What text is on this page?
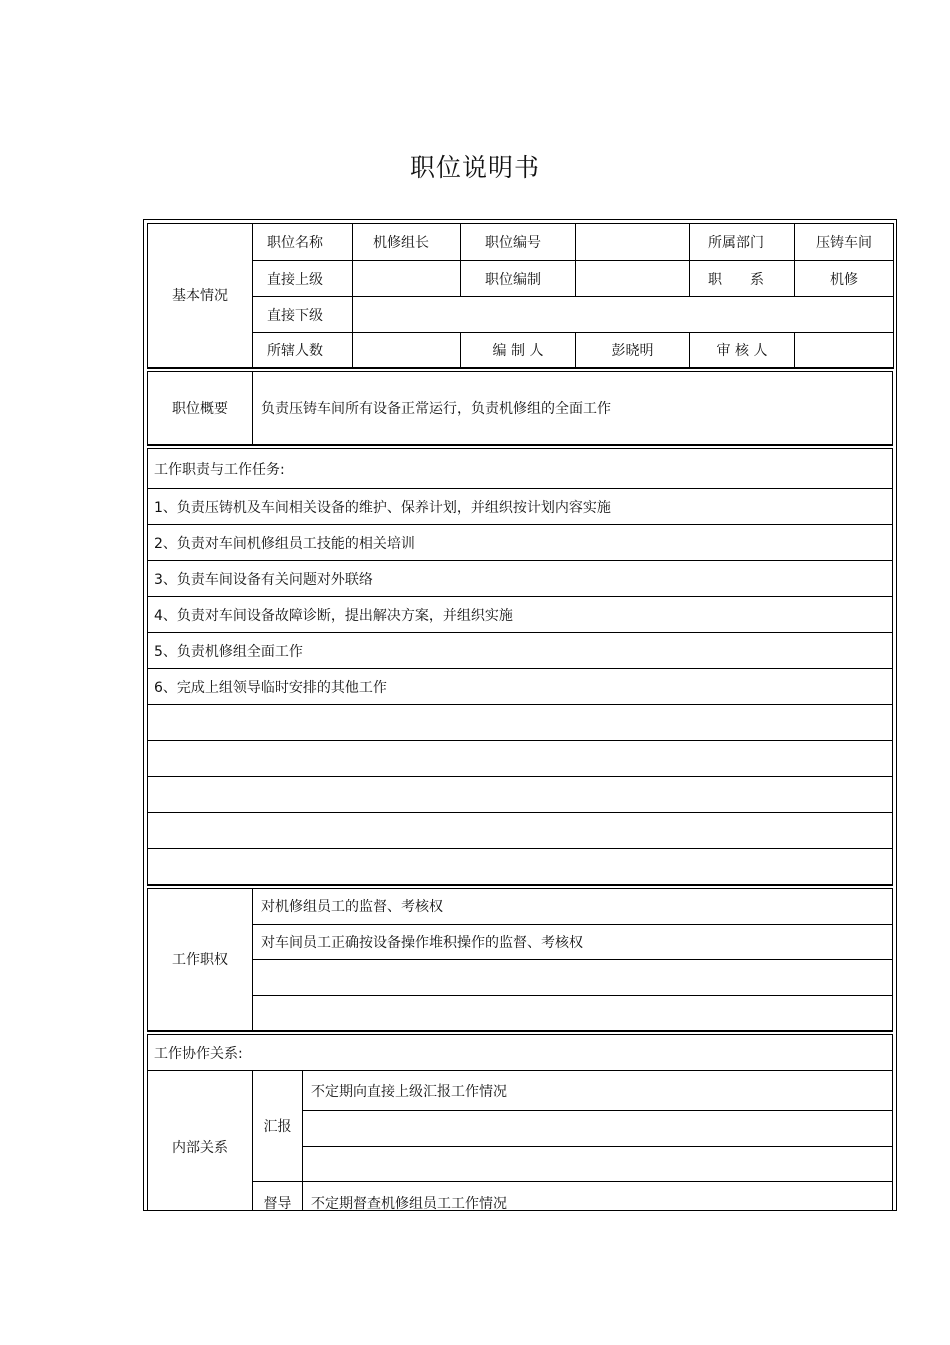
职位说明书
基本情况	职位名称	机修组长	职位编号		所属部门	压铸车间
	直接上级		职位编制		职　　系	机修
	直接下级					
	所辖人数		编 制 人	彭晓明	审 核 人	
职位概要	负责压铸车间所有设备正常运行，负责机修组的全面工作
工作职责与工作任务:
1、负责压铸机及车间相关设备的维护、保养计划，并组织按计划内容实施
2、负责对车间机修组员工技能的相关培训
3、负责车间设备有关问题对外联络
4、负责对车间设备故障诊断，提出解决方案，并组织实施
5、负责机修组全面工作
6、完成上组领导临时安排的其他工作

工作职权	对机修组员工的监督、考核权
对车间员工正确按设备操作堆积操作的监督、考核权

工作协作关系:		
内部关系	汇报	不定期向直接上级汇报工作情况

	督导	不定期督查机修组员工工作情况
